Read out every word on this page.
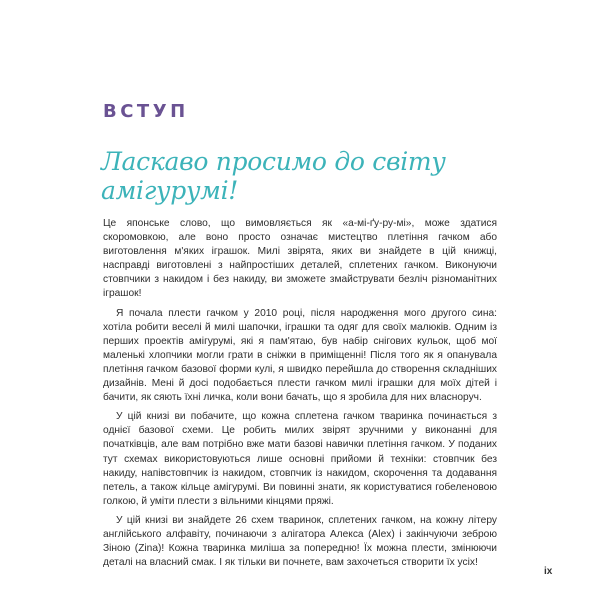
ВСТУП
Ласкаво просимо до світу
амігурумі!

Це японське слово, що вимовляється як «а-мі-ґу-ру-мі», може здатися скоромовкою, але воно просто означає мистецтво плетіння гачком або виготовлення м'яких іграшок. Милі звірята, яких ви знайдете в цій книжці, насправді виготовлені з найпростіших деталей, сплетених гачком. Виконуючи стовпчики з накидом і без накиду, ви зможете змайструвати безліч різноманітних іграшок!

Я почала плести гачком у 2010 році, після народження мого другого сина: хотіла робити веселі й милі шапочки, іграшки та одяг для своїх малюків. Одним із перших проектів амігурумі, які я пам'ятаю, був набір снігових кульок, щоб мої маленькі хлопчики могли грати в сніжки в приміщенні! Після того як я опанувала плетіння гачком базової форми кулі, я швидко перейшла до створення складніших дизайнів. Мені й досі подобається плести гачком милі іграшки для моїх дітей і бачити, як сяють їхні личка, коли вони бачать, що я зробила для них власноруч.

У цій книзі ви побачите, що кожна сплетена гачком тваринка починається з однієї базової схеми. Це робить милих звірят зручними у виконанні для початківців, але вам потрібно вже мати базові навички плетіння гачком. У поданих тут схемах використовуються лише основні прийоми й техніки: стовпчик без накиду, напівстовпчик із накидом, стовпчик із накидом, скорочення та додавання петель, а також кільце амігурумі. Ви повинні знати, як користуватися гобеленовою голкою, й уміти плести з вільними кінцями пряжі.

У цій книзі ви знайдете 26 схем тваринок, сплетених гачком, на кожну літеру англійського алфавіту, починаючи з алігатора Алекса (Alex) і закінчуючи зеброю Зіною (Zina)! Кожна тваринка миліша за попередню! Їх можна плести, змінюючи деталі на власний смак. І як тільки ви почнете, вам захочеться створити їх усіх!

ix
